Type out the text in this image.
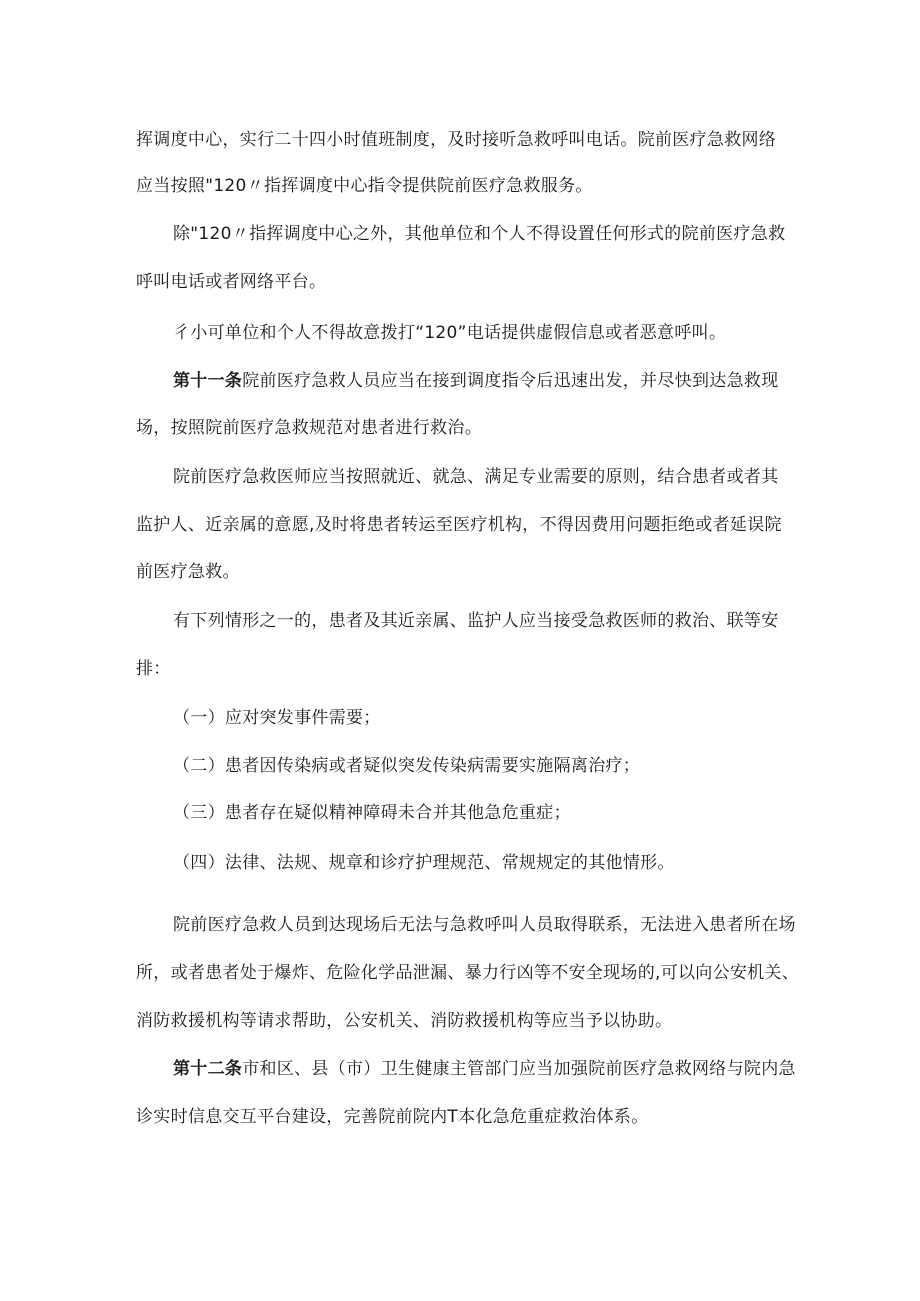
挥调度中心，实行二十四小时值班制度，及时接听急救呼叫电话。院前医疗急救网络
应当按照"120〃指挥调度中心指令提供院前医疗急救服务。
除"120〃指挥调度中心之外，其他单位和个人不得设置任何形式的院前医疗急救
呼叫电话或者网络平台。
彳小可单位和个人不得故意拨打“120”电话提供虚假信息或者恶意呼叫。
第十一条院前医疗急救人员应当在接到调度指令后迅速出发，并尽快到达急救现
场，按照院前医疗急救规范对患者进行救治。
院前医疗急救医师应当按照就近、就急、满足专业需要的原则，结合患者或者其
监护人、近亲属的意愿,及时将患者转运至医疗机构，不得因费用问题拒绝或者延误院
前医疗急救。
有下列情形之一的，患者及其近亲属、监护人应当接受急救医师的救治、联等安
排：
（一）应对突发事件需要；
（二）患者因传染病或者疑似突发传染病需要实施隔离治疗；
（三）患者存在疑似精神障碍未合并其他急危重症；
（四）法律、法规、规章和诊疗护理规范、常规规定的其他情形。
院前医疗急救人员到达现场后无法与急救呼叫人员取得联系，无法进入患者所在场
所，或者患者处于爆炸、危险化学品泄漏、暴力行凶等不安全现场的,可以向公安机关、
消防救援机构等请求帮助，公安机关、消防救援机构等应当予以协助。
第十二条市和区、县（市）卫生健康主管部门应当加强院前医疗急救网络与院内急
诊实时信息交互平台建设，完善院前院内T本化急危重症救治体系。
